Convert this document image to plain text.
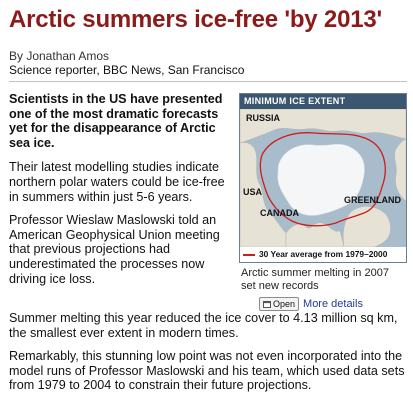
Arctic summers ice-free 'by 2013'
By Jonathan Amos
Science reporter, BBC News, San Francisco

Scientists in the US have presented one of the most dramatic forecasts yet for the disappearance of Arctic sea ice.

Their latest modelling studies indicate northern polar waters could be ice-free in summers within just 5-6 years.

Professor Wieslaw Maslowski told an American Geophysical Union meeting that previous projections had underestimated the processes now driving ice loss.

MINIMUM ICE EXTENT
RUSSIA
USA
CANADA
GREENLAND
30 Year average from 1979–2000
Arctic summer melting in 2007 set new records
Open More details

Summer melting this year reduced the ice cover to 4.13 million sq km, the smallest ever extent in modern times.

Remarkably, this stunning low point was not even incorporated into the model runs of Professor Maslowski and his team, which used data sets from 1979 to 2004 to constrain their future projections.
